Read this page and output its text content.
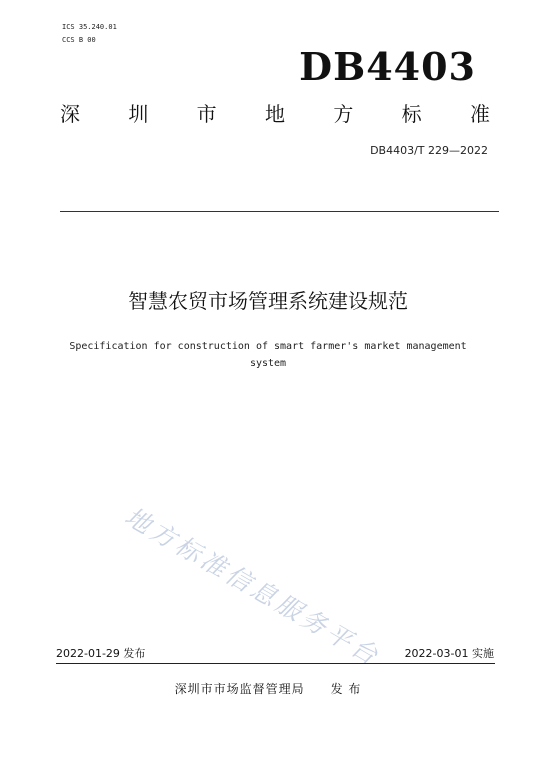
ICS 35.240.01
CCS B 00
DB4403
深 圳 市 地 方 标 准
DB4403/T 229—2022
智慧农贸市场管理系统建设规范
Specification for construction of smart farmer's market management
system
地方标准信息服务平台
2022-01-29 发布	2022-03-01 实施
深圳市市场监督管理局 发 布
